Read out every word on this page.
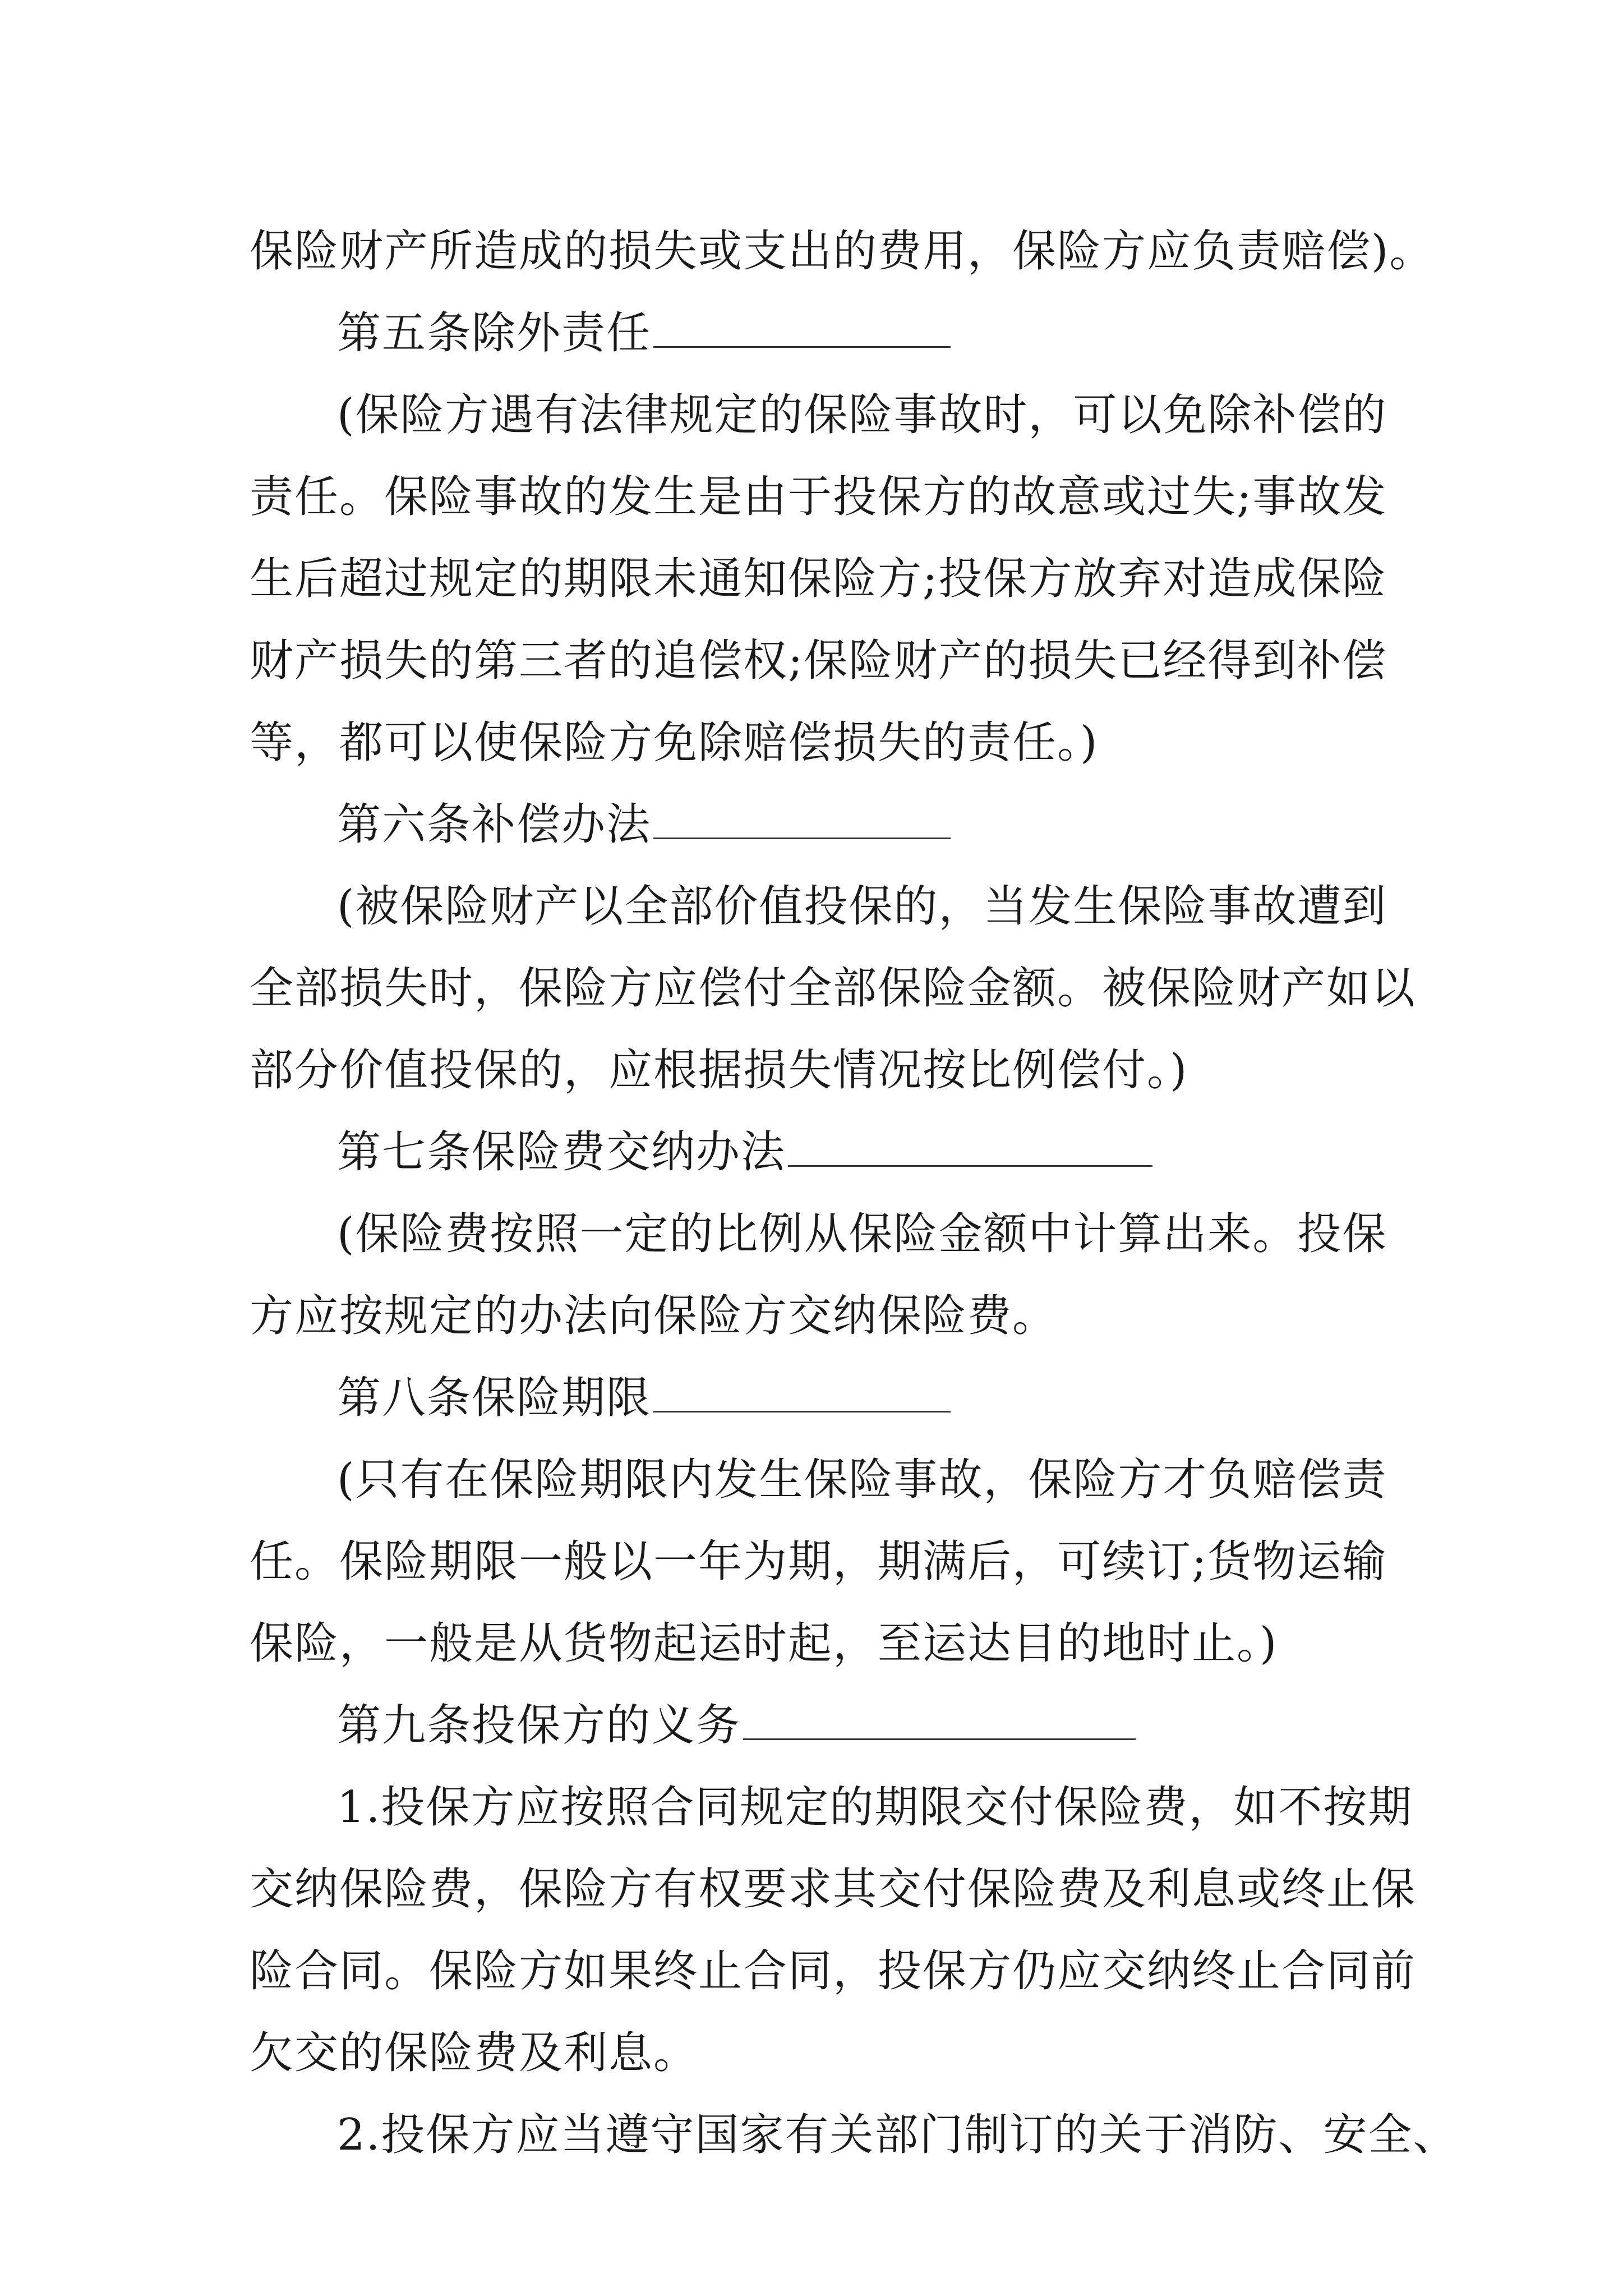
保险财产所造成的损失或支出的费用，保险方应负责赔偿)。
第五条除外责任
(保险方遇有法律规定的保险事故时，可以免除补偿的
责任。保险事故的发生是由于投保方的故意或过失;事故发
生后超过规定的期限未通知保险方;投保方放弃对造成保险
财产损失的第三者的追偿权;保险财产的损失已经得到补偿
等，都可以使保险方免除赔偿损失的责任。)
第六条补偿办法
(被保险财产以全部价值投保的，当发生保险事故遭到
全部损失时，保险方应偿付全部保险金额。被保险财产如以
部分价值投保的，应根据损失情况按比例偿付。)
第七条保险费交纳办法
(保险费按照一定的比例从保险金额中计算出来。投保
方应按规定的办法向保险方交纳保险费。
第八条保险期限
(只有在保险期限内发生保险事故，保险方才负赔偿责
任。保险期限一般以一年为期，期满后，可续订;货物运输
保险，一般是从货物起运时起，至运达目的地时止。)
第九条投保方的义务
1.投保方应按照合同规定的期限交付保险费，如不按期
交纳保险费，保险方有权要求其交付保险费及利息或终止保
险合同。保险方如果终止合同，投保方仍应交纳终止合同前
欠交的保险费及利息。
2.投保方应当遵守国家有关部门制订的关于消防、安全、
